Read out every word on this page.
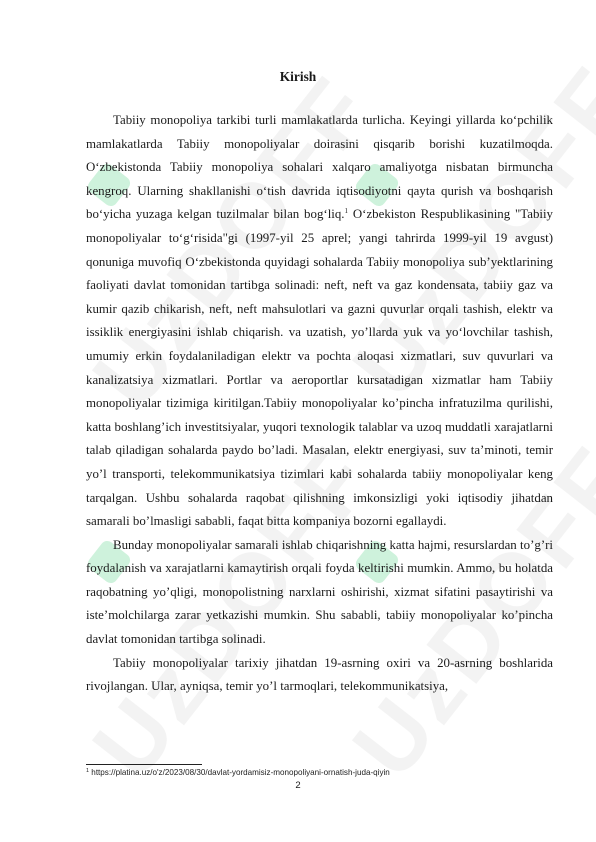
Kirish

Tabiiy monopoliya tarkibi turli mamlakatlarda turlicha. Keyingi yillarda ko‘pchilik mamlakatlarda Tabiiy monopoliyalar doirasini qisqarib borishi kuzatilmoqda. O‘zbekistonda Tabiiy monopoliya sohalari xalqaro amaliyotga nisbatan birmuncha kengroq. Ularning shakllanishi o‘tish davrida iqtisodiyotni qayta qurish va boshqarish bo‘yicha yuzaga kelgan tuzilmalar bilan bog‘liq.$^1$ O‘zbekiston Respublikasining "Tabiiy monopoliyalar to‘g‘risida"gi (1997-yil 25 aprel; yangi tahrirda 1999-yil 19 avgust) qonuniga muvofiq O‘zbekistonda quyidagi sohalarda Tabiiy monopoliya sub’yektlarining faoliyati davlat tomonidan tartibga solinadi: neft, neft va gaz kondensata, tabiiy gaz va kumir qazib chikarish, neft, neft mahsulotlari va gazni quvurlar orqali tashish, elektr va issiklik energiyasini ishlab chiqarish. va uzatish, yo’llarda yuk va yo‘lovchilar tashish, umumiy erkin foydalaniladigan elektr va pochta aloqasi xizmatlari, suv quvurlari va kanalizatsiya xizmatlari. Portlar va aeroportlar kursatadigan xizmatlar ham Tabiiy monopoliyalar tizimiga kiritilgan.Tabiiy monopoliyalar ko’pincha infratuzilma qurilishi, katta boshlang’ich investitsiyalar, yuqori texnologik talablar va uzoq muddatli xarajatlarni talab qiladigan sohalarda paydo bo’ladi. Masalan, elektr energiyasi, suv ta’minoti, temir yo’l transporti, telekommunikatsiya tizimlari kabi sohalarda tabiiy monopoliyalar keng tarqalgan. Ushbu sohalarda raqobat qilishning imkonsizligi yoki iqtisodiy jihatdan samarali bo’lmasligi sababli, faqat bitta kompaniya bozorni egallaydi.

Bunday monopoliyalar samarali ishlab chiqarishning katta hajmi, resurslardan to’g’ri foydalanish va xarajatlarni kamaytirish orqali foyda keltirishi mumkin. Ammo, bu holatda raqobatning yo’qligi, monopolistning narxlarni oshirishi, xizmat sifatini pasaytirishi va iste’molchilarga zarar yetkazishi mumkin. Shu sababli, tabiiy monopoliyalar ko’pincha davlat tomonidan tartibga solinadi.

Tabiiy monopoliyalar tarixiy jihatdan 19-asrning oxiri va 20-asrning boshlarida rivojlangan. Ular, ayniqsa, temir yo’l tarmoqlari, telekommunikatsiya,

$^1$ https://platina.uz/o'z/2023/08/30/davlat-yordamisiz-monopoliyani-ornatish-juda-qiyin
2
